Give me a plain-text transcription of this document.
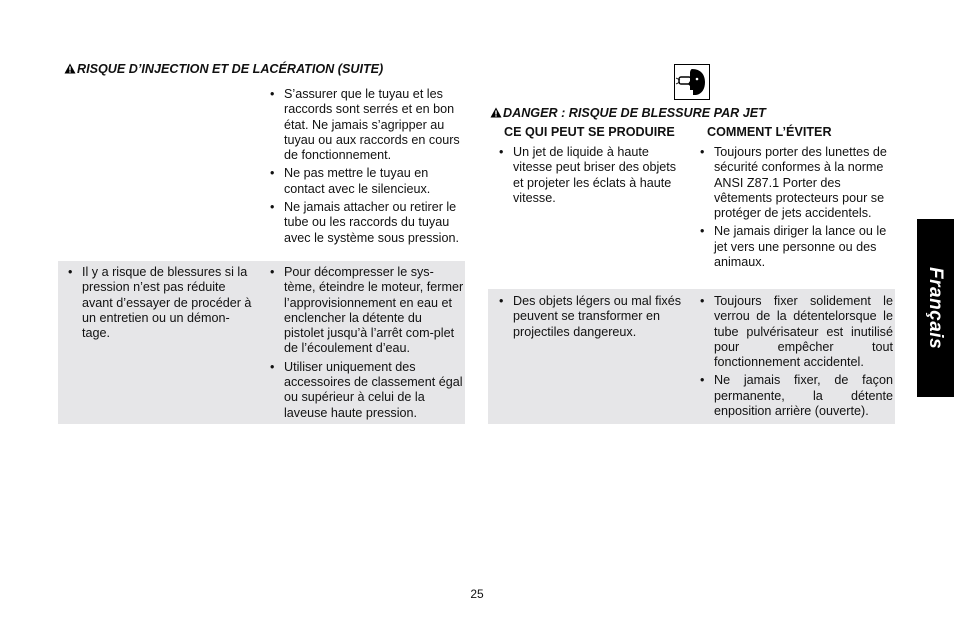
RISQUE D’INJECTION ET DE LACÉRATION (SUITE)
• S’assurer que le tuyau et les raccords sont serrés et en bon état. Ne jamais s’agripper au tuyau ou aux raccords en cours de fonctionnement.
• Ne pas mettre le tuyau en contact avec le silencieux.
• Ne jamais attacher ou retirer le tube ou les raccords du tuyau avec le système sous pression.
• Il y a risque de blessures si la pression n’est pas réduite avant d’essayer de procéder à un entretien ou un démon-tage.
• Pour décompresser le sys-tème, éteindre le moteur, fermer l’approvisionnement en eau et enclencher la détente du pistolet jusqu’à l’arrêt com-plet de l’écoulement d’eau.
• Utiliser uniquement des accessoires de classement égal ou supérieur à celui de la laveuse haute pression.
DANGER : RISQUE DE BLESSURE PAR JET
CE QUI PEUT SE PRODUIRE	COMMENT L’ÉVITER
• Un jet de liquide à haute vitesse peut briser des objets et projeter les éclats à haute vitesse.
• Toujours porter des lunettes de sécurité conformes à la norme ANSI Z87.1 Porter des vêtements protecteurs pour se protéger de jets accidentels.
• Ne jamais diriger la lance ou le jet vers une personne ou des animaux.
• Des objets légers ou mal fixés peuvent se transformer en projectiles dangereux.
• Toujours fixer solidement le verrou de la détentelorsque le tube pulvérisateur est inutilisé pour empêcher tout fonctionnement accidentel.
• Ne jamais fixer, de façon permanente, la détente enposition arrière (ouverte).
Français
25
